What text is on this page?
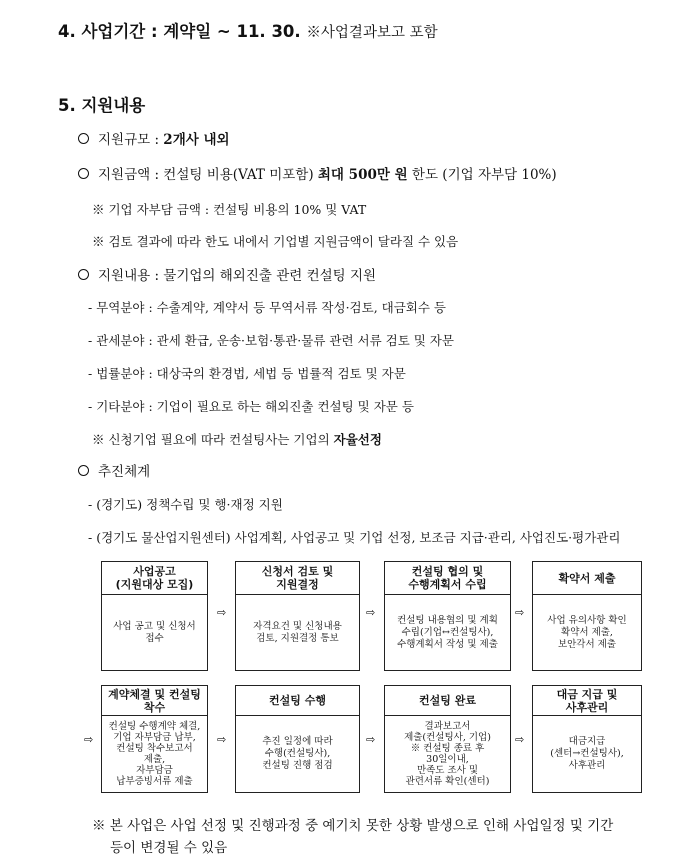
4. 사업기간 : 계약일 ~ 11. 30. ※사업결과보고 포함
5. 지원내용
지원규모 : 2개사 내외
지원금액 : 컨설팅 비용(VAT 미포함) 최대 500만 원 한도 (기업 자부담 10%)
※ 기업 자부담 금액 : 컨설팅 비용의 10% 및 VAT
※ 검토 결과에 따라 한도 내에서 기업별 지원금액이 달라질 수 있음
지원내용 : 물기업의 해외진출 관련 컨설팅 지원
- 무역분야 : 수출계약, 계약서 등 무역서류 작성·검토, 대금회수 등
- 관세분야 : 관세 환급, 운송·보험·통관·물류 관련 서류 검토 및 자문
- 법률분야 : 대상국의 환경법, 세법 등 법률적 검토 및 자문
- 기타분야 : 기업이 필요로 하는 해외진출 컨설팅 및 자문 등
※ 신청기업 필요에 따라 컨설팅사는 기업의 자율선정
추진체계
- (경기도) 정책수립 및 행·재정 지원
- (경기도 물산업지원센터) 사업계획, 사업공고 및 기업 선정, 보조금 지급·관리, 사업진도·평가관리
사업공고
(지원대상 모집)
사업 공고 및 신청서
접수
⇨
신청서 검토 및
지원결정
자격요건 및 신청내용
검토, 지원결정 통보
⇨
컨설팅 협의 및
수행계획서 수립
컨설팅 내용협의 및 계획
수립(기업↔컨설팅사),
수행계획서 작성 및 제출
⇨
확약서 제출
사업 유의사항 확인
확약서 제출,
보안각서 제출
⇨
계약체결 및 컨설팅
착수
컨설팅 수행계약 체결,
기업 자부담금 납부,
컨설팅 착수보고서
제출,
자부담금
납부증빙서류 제출
⇨
컨설팅 수행
추진 일정에 따라
수행(컨설팅사),
컨설팅 진행 점검
⇨
컨설팅 완료
결과보고서
제출(컨설팅사, 기업)
※ 컨설팅 종료 후
30일이내,
만족도 조사 및
관련서류 확인(센터)
⇨
대금 지급 및
사후관리
대금지급
(센터→컨설팅사),
사후관리
※ 본 사업은 사업 선정 및 진행과정 중 예기치 못한 상황 발생으로 인해 사업일정 및 기간
등이 변경될 수 있음
